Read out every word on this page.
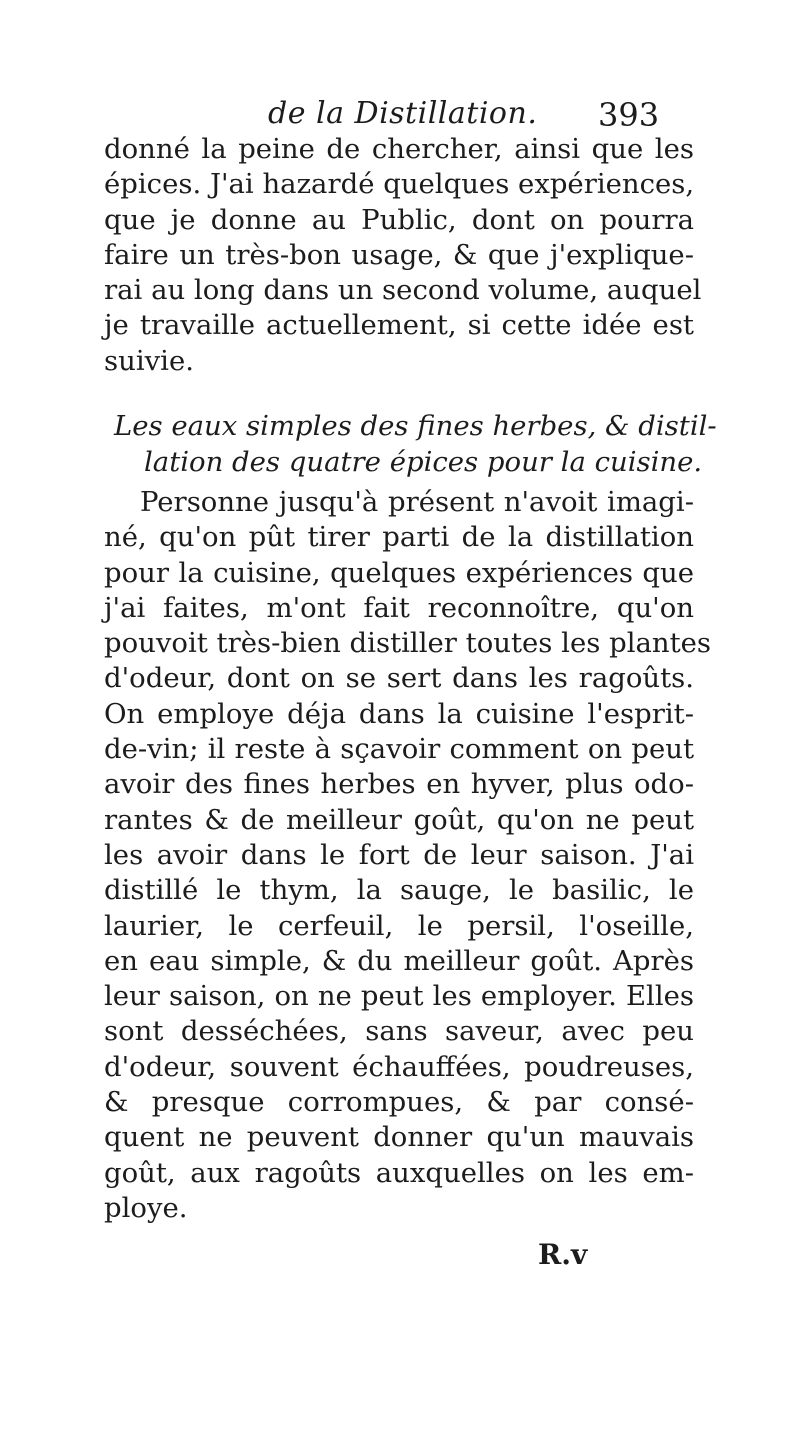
de la Distillation. 393
donné la peine de chercher, ainsi que les
épices. J'ai hazardé quelques expériences,
que je donne au Public, dont on pourra
faire un très-bon usage, & que j'explique-
rai au long dans un second volume, auquel
je travaille actuellement, si cette idée est
suivie.
Les eaux simples des fines herbes, & distil-
lation des quatre épices pour la cuisine.
Personne jusqu'à présent n'avoit imagi-
né, qu'on pût tirer parti de la distillation
pour la cuisine, quelques expériences que
j'ai faites, m'ont fait reconnoître, qu'on
pouvoit très-bien distiller toutes les plantes
d'odeur, dont on se sert dans les ragoûts.
On employe déja dans la cuisine l'esprit-
de-vin; il reste à sçavoir comment on peut
avoir des fines herbes en hyver, plus odo-
rantes & de meilleur goût, qu'on ne peut
les avoir dans le fort de leur saison. J'ai
distillé le thym, la sauge, le basilic, le
laurier, le cerfeuil, le persil, l'oseille,
en eau simple, & du meilleur goût. Après
leur saison, on ne peut les employer. Elles
sont desséchées, sans saveur, avec peu
d'odeur, souvent échauffées, poudreuses,
& presque corrompues, & par consé-
quent ne peuvent donner qu'un mauvais
goût, aux ragoûts auxquelles on les em-
ploye.
R.v
